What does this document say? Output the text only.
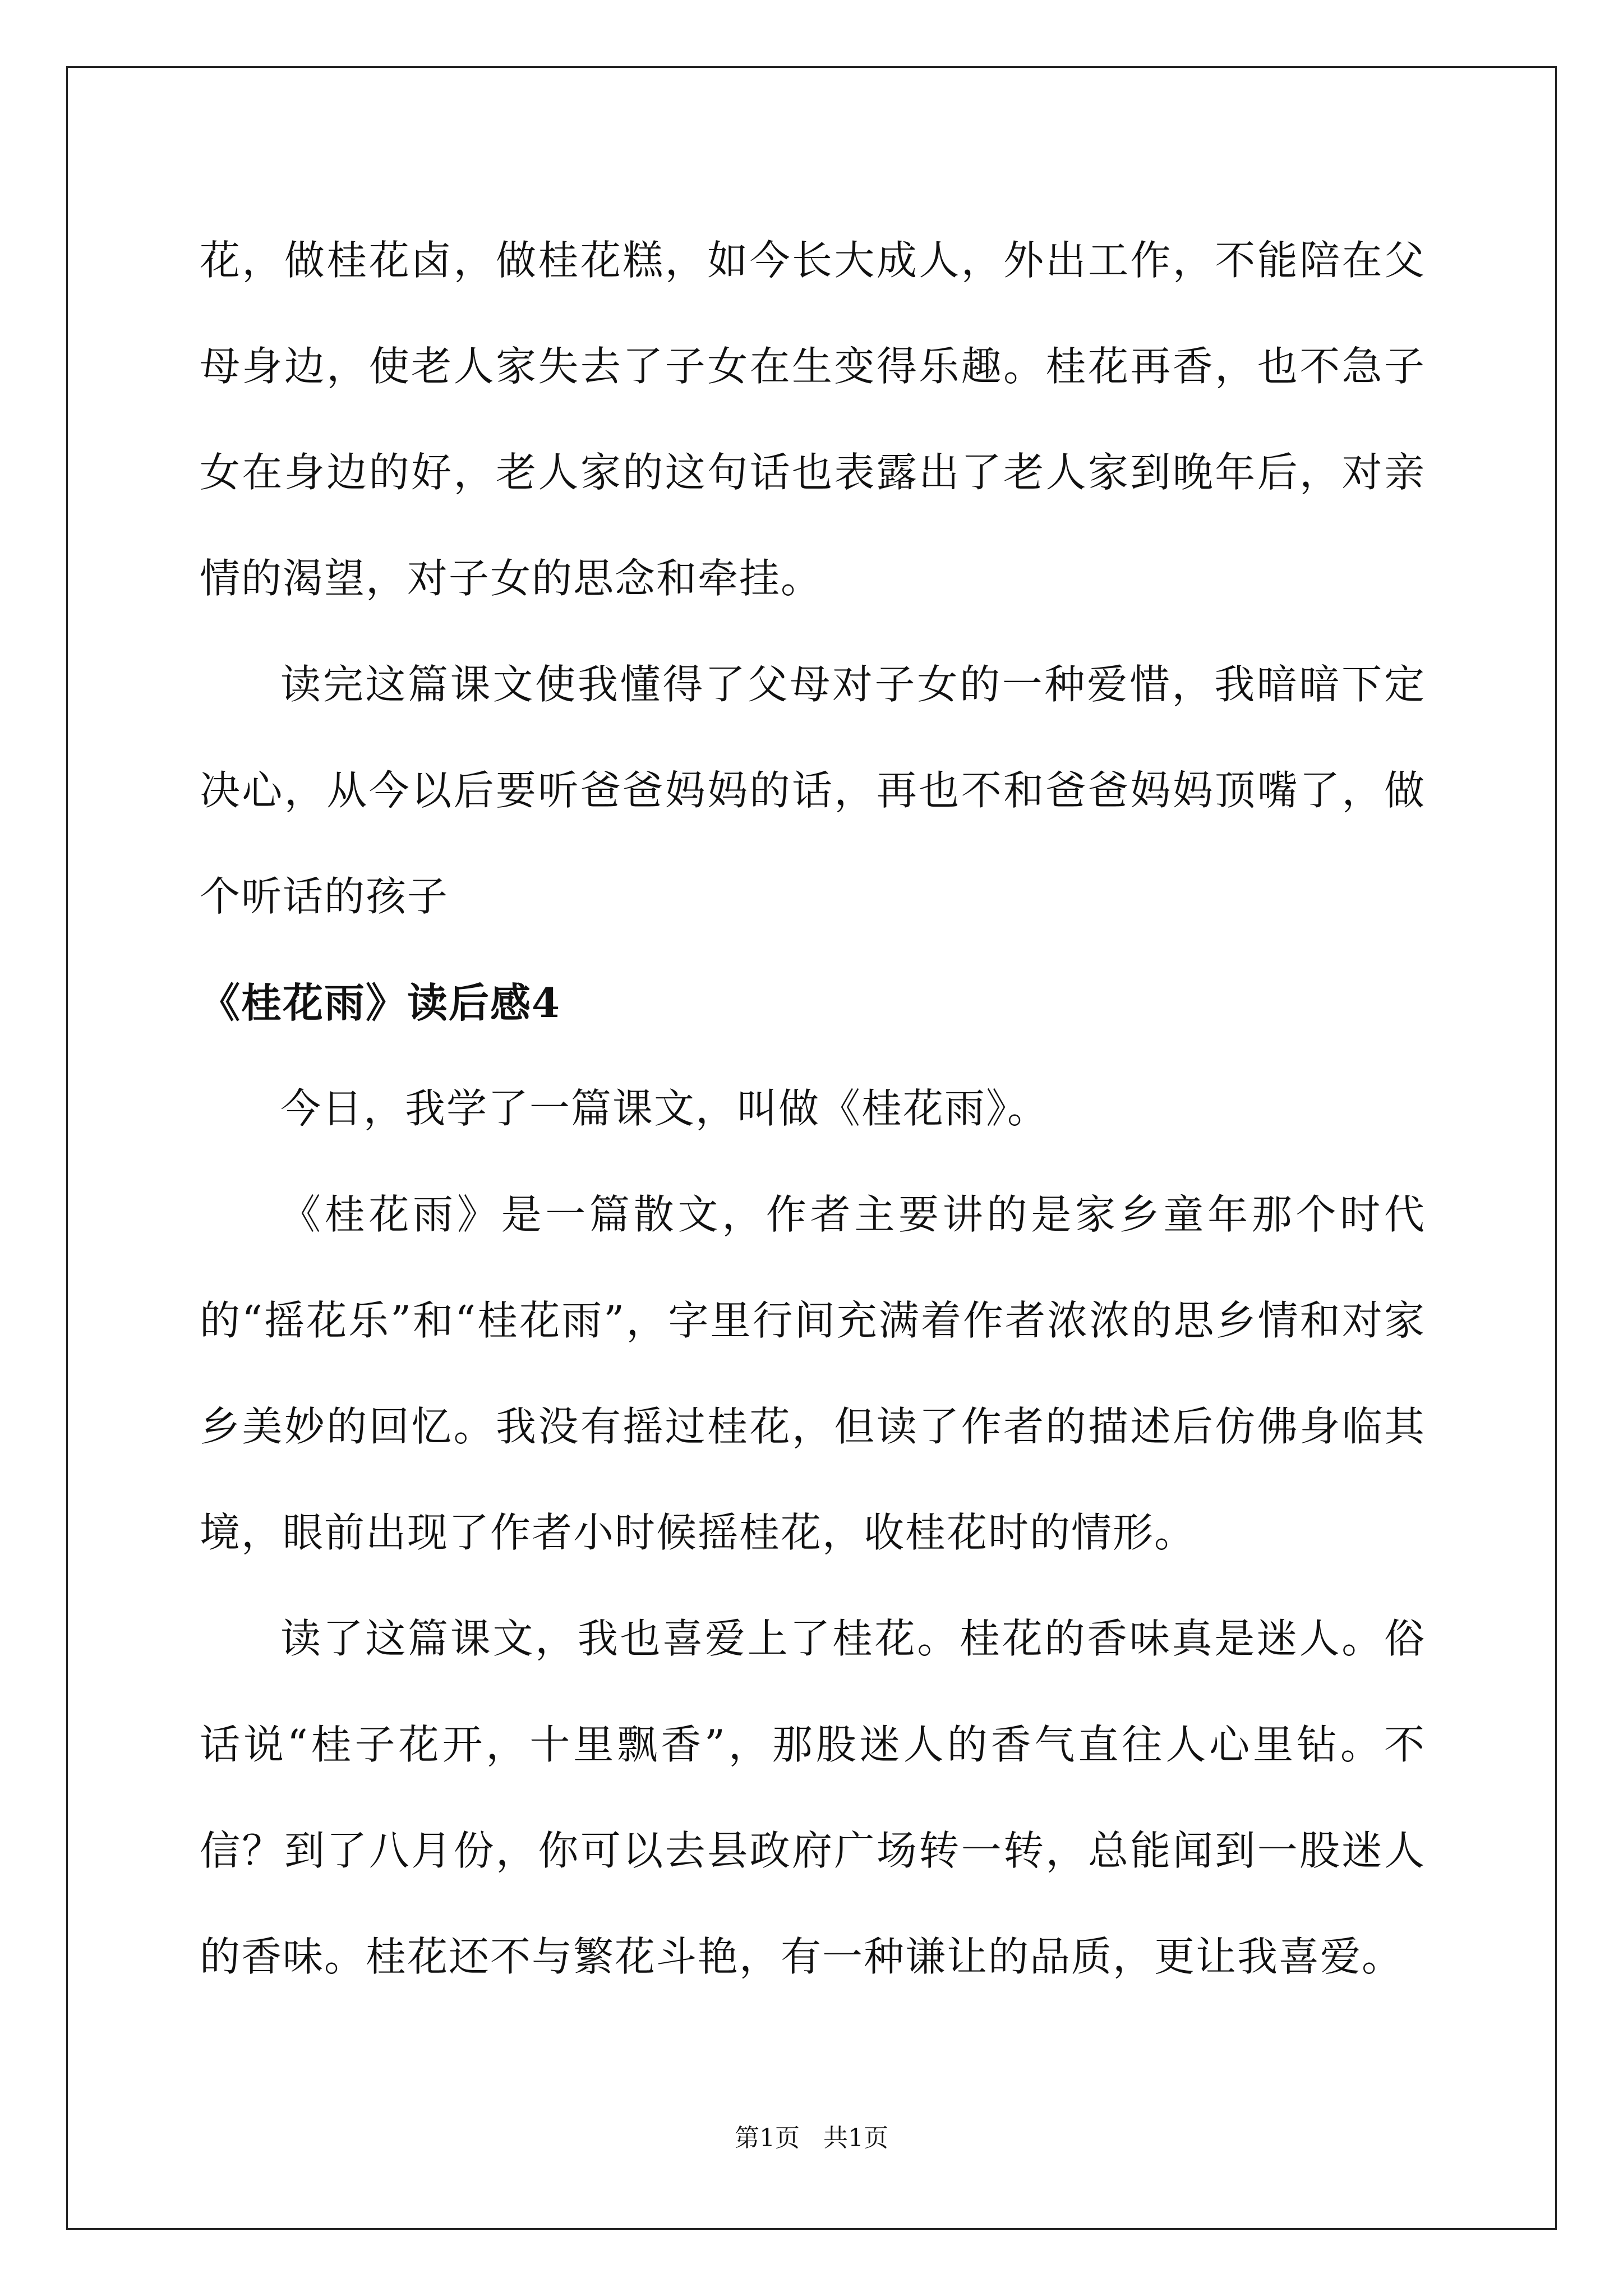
花，做桂花卤，做桂花糕，如今长大成人，外出工作，不能陪在父母身边，使老人家失去了子女在生变得乐趣。桂花再香，也不急子女在身边的好，老人家的这句话也表露出了老人家到晚年后，对亲情的渴望，对子女的思念和牵挂。

读完这篇课文使我懂得了父母对子女的一种爱惜，我暗暗下定决心，从今以后要听爸爸妈妈的话，再也不和爸爸妈妈顶嘴了，做个听话的孩子

《桂花雨》读后感4

今日，我学了一篇课文，叫做《桂花雨》。

《桂花雨》是一篇散文，作者主要讲的是家乡童年那个时代的“摇花乐”和“桂花雨”，字里行间充满着作者浓浓的思乡情和对家乡美妙的回忆。我没有摇过桂花，但读了作者的描述后仿佛身临其境，眼前出现了作者小时候摇桂花，收桂花时的情形。

读了这篇课文，我也喜爱上了桂花。桂花的香味真是迷人。俗话说“桂子花开，十里飘香”，那股迷人的香气直往人心里钻。不信？到了八月份，你可以去县政府广场转一转，总能闻到一股迷人的香味。桂花还不与繁花斗艳，有一种谦让的品质，更让我喜爱。

第1页 共1页
